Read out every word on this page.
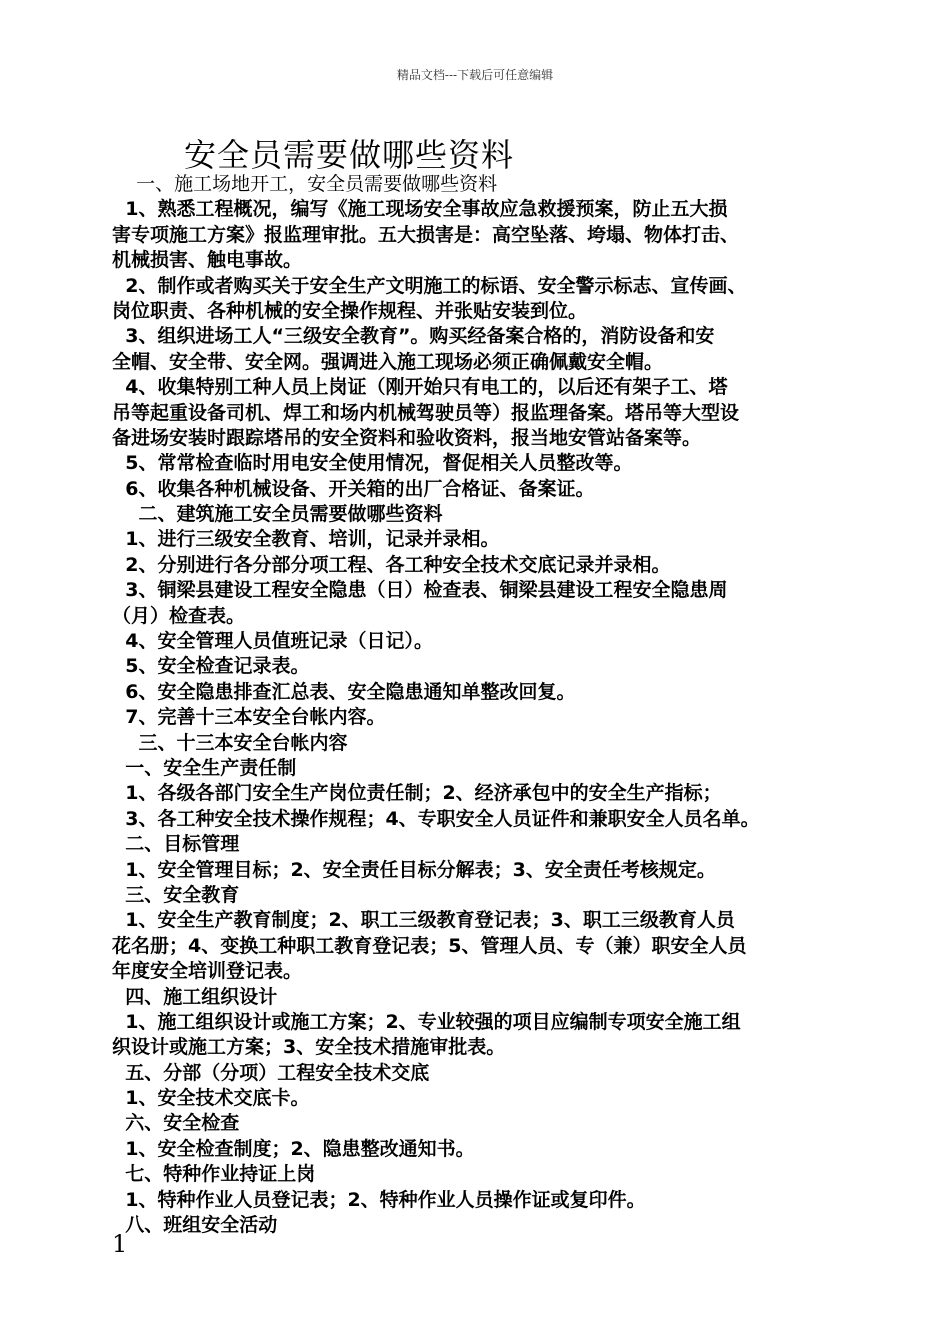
精品文档---下载后可任意编辑
安全员需要做哪些资料
一、施工场地开工，安全员需要做哪些资料
1、熟悉工程概况，编写《施工现场安全事故应急救援预案，防止五大损
害专项施工方案》报监理审批。五大损害是：高空坠落、垮塌、物体打击、
机械损害、触电事故。
2、制作或者购买关于安全生产文明施工的标语、安全警示标志、宣传画、
岗位职责、各种机械的安全操作规程、并张贴安装到位。
3、组织进场工人“三级安全教育”。购买经备案合格的，消防设备和安
全帽、安全带、安全网。强调进入施工现场必须正确佩戴安全帽。
4、收集特别工种人员上岗证（刚开始只有电工的，以后还有架子工、塔
吊等起重设备司机、焊工和场内机械驾驶员等）报监理备案。塔吊等大型设
备进场安装时跟踪塔吊的安全资料和验收资料，报当地安管站备案等。
5、常常检查临时用电安全使用情况，督促相关人员整改等。
6、收集各种机械设备、开关箱的出厂合格证、备案证。
二、建筑施工安全员需要做哪些资料
1、进行三级安全教育、培训，记录并录相。
2、分别进行各分部分项工程、各工种安全技术交底记录并录相。
3、铜梁县建设工程安全隐患（日）检查表、铜梁县建设工程安全隐患周
（月）检查表。
4、安全管理人员值班记录（日记）。
5、安全检查记录表。
6、安全隐患排查汇总表、安全隐患通知单整改回复。
7、完善十三本安全台帐内容。
三、十三本安全台帐内容
一、安全生产责任制
1、各级各部门安全生产岗位责任制；2、经济承包中的安全生产指标；
3、各工种安全技术操作规程；4、专职安全人员证件和兼职安全人员名单。
二、目标管理
1、安全管理目标；2、安全责任目标分解表；3、安全责任考核规定。
三、安全教育
1、安全生产教育制度；2、职工三级教育登记表；3、职工三级教育人员
花名册；4、变换工种职工教育登记表；5、管理人员、专（兼）职安全人员
年度安全培训登记表。
四、施工组织设计
1、施工组织设计或施工方案；2、专业较强的项目应编制专项安全施工组
织设计或施工方案；3、安全技术措施审批表。
五、分部（分项）工程安全技术交底
1、安全技术交底卡。
六、安全检查
1、安全检查制度；2、隐患整改通知书。
七、特种作业持证上岗
1、特种作业人员登记表；2、特种作业人员操作证或复印件。
八、班组安全活动
1
